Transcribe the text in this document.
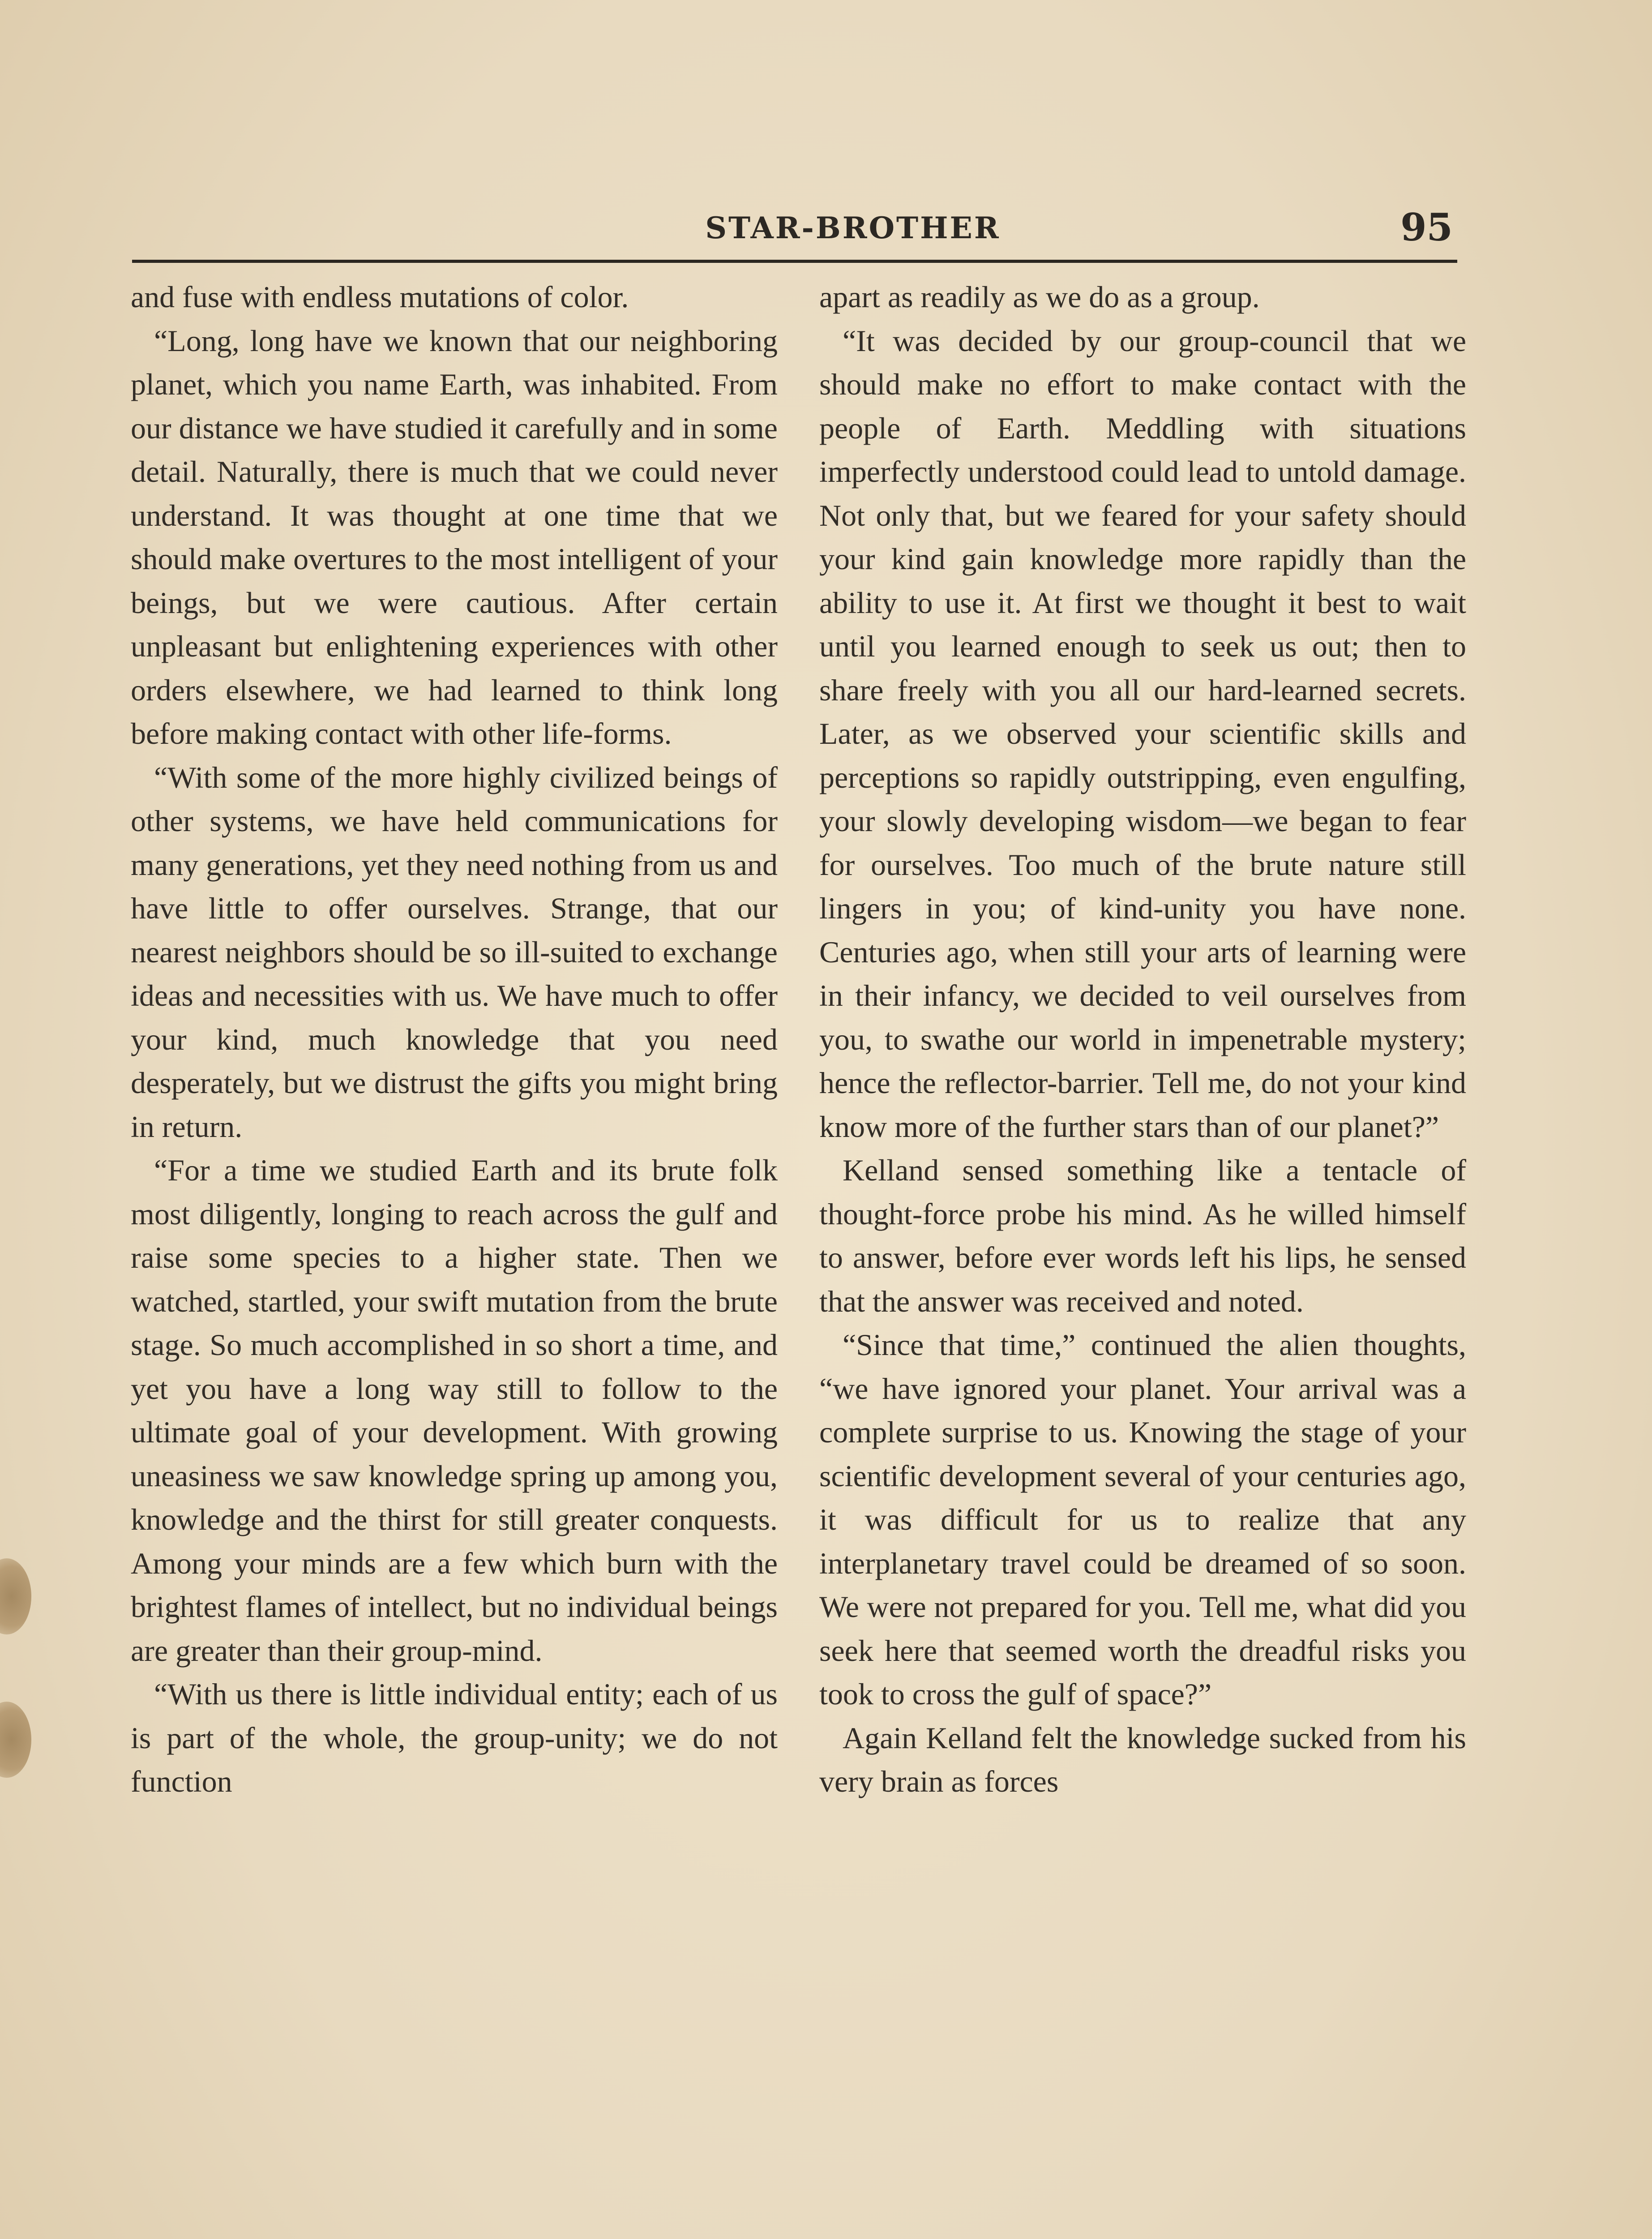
STAR-BROTHER	95

and fuse with endless mutations of color.

“Long, long have we known that our neighboring planet, which you name Earth, was inhabited. From our distance we have studied it carefully and in some detail. Naturally, there is much that we could never understand. It was thought at one time that we should make overtures to the most intelligent of your beings, but we were cautious. After certain unpleasant but enlightening experiences with other orders elsewhere, we had learned to think long before making contact with other life-forms.

“With some of the more highly civilized beings of other systems, we have held communications for many generations, yet they need nothing from us and have little to offer ourselves. Strange, that our nearest neighbors should be so ill-suited to exchange ideas and necessities with us. We have much to offer your kind, much knowledge that you need desperately, but we distrust the gifts you might bring in return.

“For a time we studied Earth and its brute folk most diligently, longing to reach across the gulf and raise some species to a higher state. Then we watched, startled, your swift mutation from the brute stage. So much accomplished in so short a time, and yet you have a long way still to follow to the ultimate goal of your development. With growing uneasiness we saw knowledge spring up among you, knowledge and the thirst for still greater conquests. Among your minds are a few which burn with the brightest flames of intellect, but no individual beings are greater than their group-mind.

“With us there is little individual entity; each of us is part of the whole, the group-unity; we do not function

apart as readily as we do as a group.

“It was decided by our group-council that we should make no effort to make contact with the people of Earth. Meddling with situations imperfectly understood could lead to untold damage. Not only that, but we feared for your safety should your kind gain knowledge more rapidly than the ability to use it. At first we thought it best to wait until you learned enough to seek us out; then to share freely with you all our hard-learned secrets. Later, as we observed your scientific skills and perceptions so rapidly outstripping, even engulfing, your slowly developing wisdom—we began to fear for ourselves. Too much of the brute nature still lingers in you; of kind-unity you have none. Centuries ago, when still your arts of learning were in their infancy, we decided to veil ourselves from you, to swathe our world in impenetrable mystery; hence the reflector-barrier. Tell me, do not your kind know more of the further stars than of our planet?”

Kelland sensed something like a tentacle of thought-force probe his mind. As he willed himself to answer, before ever words left his lips, he sensed that the answer was received and noted.

“Since that time,” continued the alien thoughts, “we have ignored your planet. Your arrival was a complete surprise to us. Knowing the stage of your scientific development several of your centuries ago, it was difficult for us to realize that any interplanetary travel could be dreamed of so soon. We were not prepared for you. Tell me, what did you seek here that seemed worth the dreadful risks you took to cross the gulf of space?”

Again Kelland felt the knowledge sucked from his very brain as forces
